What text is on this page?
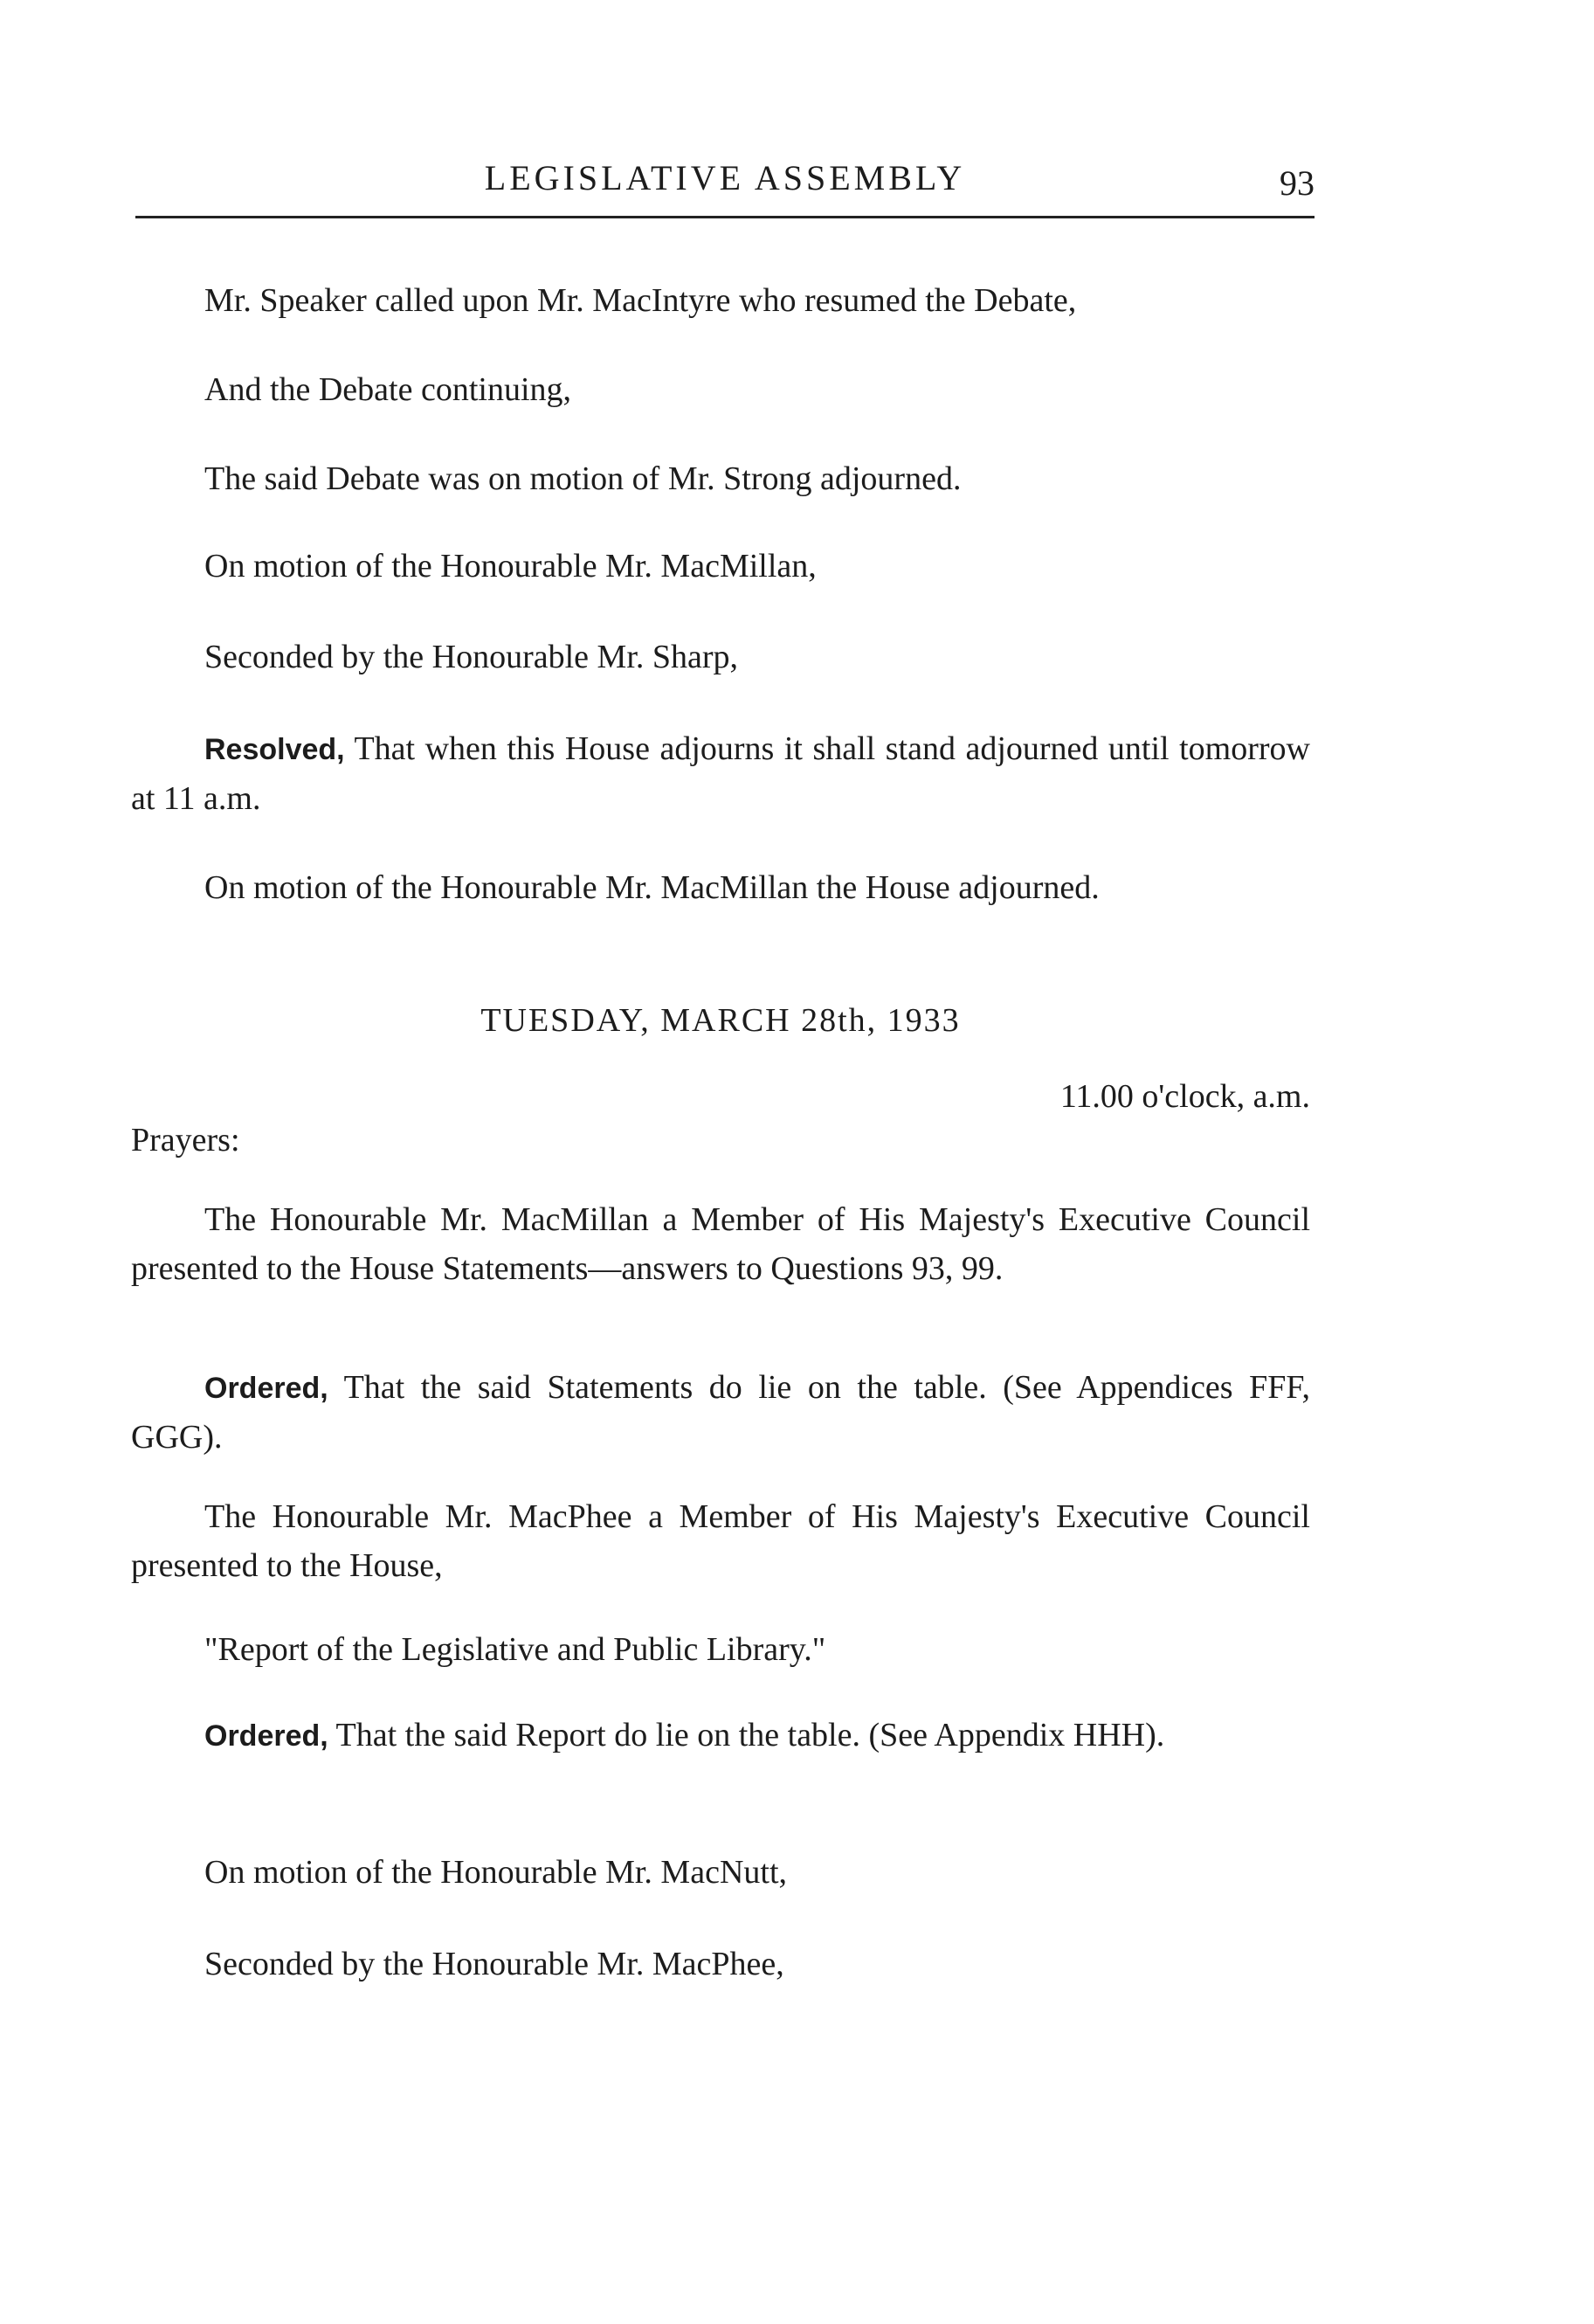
LEGISLATIVE ASSEMBLY	93

Mr. Speaker called upon Mr. MacIntyre who resumed the Debate,

And the Debate continuing,

The said Debate was on motion of Mr. Strong adjourned.

On motion of the Honourable Mr. MacMillan,

Seconded by the Honourable Mr. Sharp,

Resolved, That when this House adjourns it shall stand adjourned until tomorrow at 11 a.m.

On motion of the Honourable Mr. MacMillan the House adjourned.

TUESDAY, MARCH 28th, 1933
11.00 o'clock, a.m.
Prayers:

The Honourable Mr. MacMillan a Member of His Majesty's Executive Council presented to the House Statements—answers to Questions 93, 99.

Ordered, That the said Statements do lie on the table. (See Appendices FFF, GGG).

The Honourable Mr. MacPhee a Member of His Majesty's Executive Council presented to the House,

"Report of the Legislative and Public Library."

Ordered, That the said Report do lie on the table. (See Appendix HHH).

On motion of the Honourable Mr. MacNutt,

Seconded by the Honourable Mr. MacPhee,
